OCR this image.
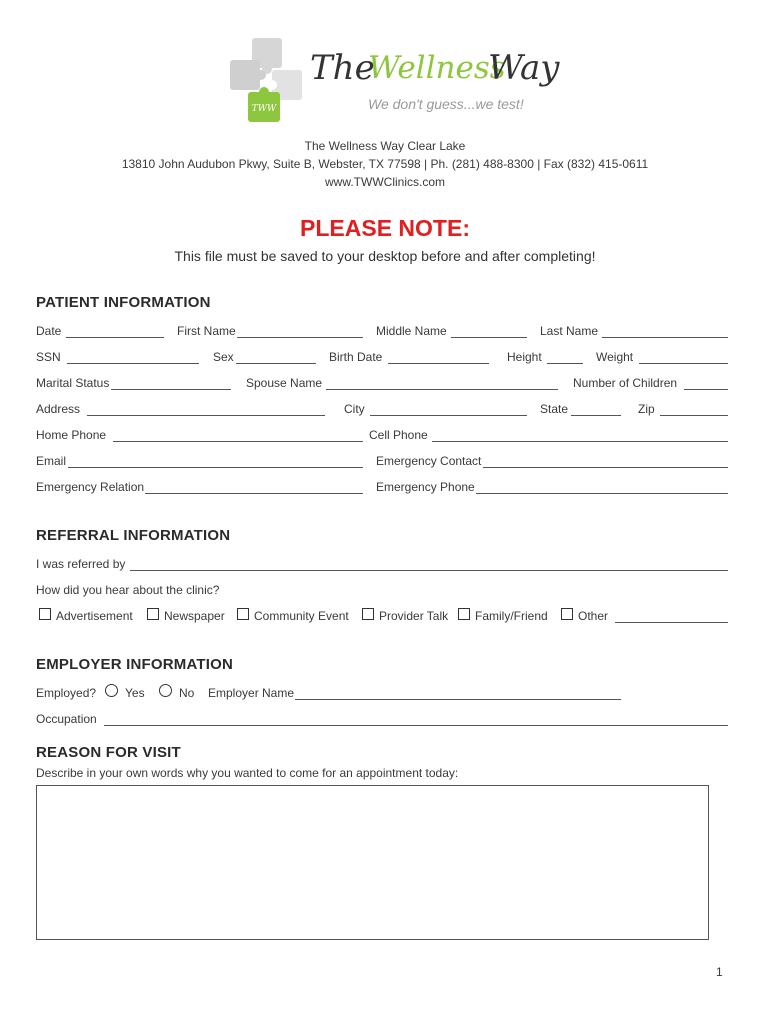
TWW
The
Wellness
Way
We don't guess...we test!
The Wellness Way Clear Lake
13810 John Audubon Pkwy, Suite B, Webster, TX 77598 | Ph. (281) 488-8300 | Fax (832) 415-0611
www.TWWClinics.com
PLEASE NOTE:
This file must be saved to your desktop before and after completing!
PATIENT INFORMATION
Date	First Name	Middle Name	Last Name
SSN	Sex	Birth Date	Height	Weight
Marital Status	Spouse Name	Number of Children
Address	City	State	Zip
Home Phone	Cell Phone
Email	Emergency Contact
Emergency Relation	Emergency Phone
REFERRAL INFORMATION
I was referred by
How did you hear about the clinic?
Advertisement	Newspaper Community Event	Provider Talk Family/Friend	Other
EMPLOYER INFORMATION
Employed? Yes	No Employer Name
Occupation
REASON FOR VISIT
Describe in your own words why you wanted to come for an appointment today:
1
